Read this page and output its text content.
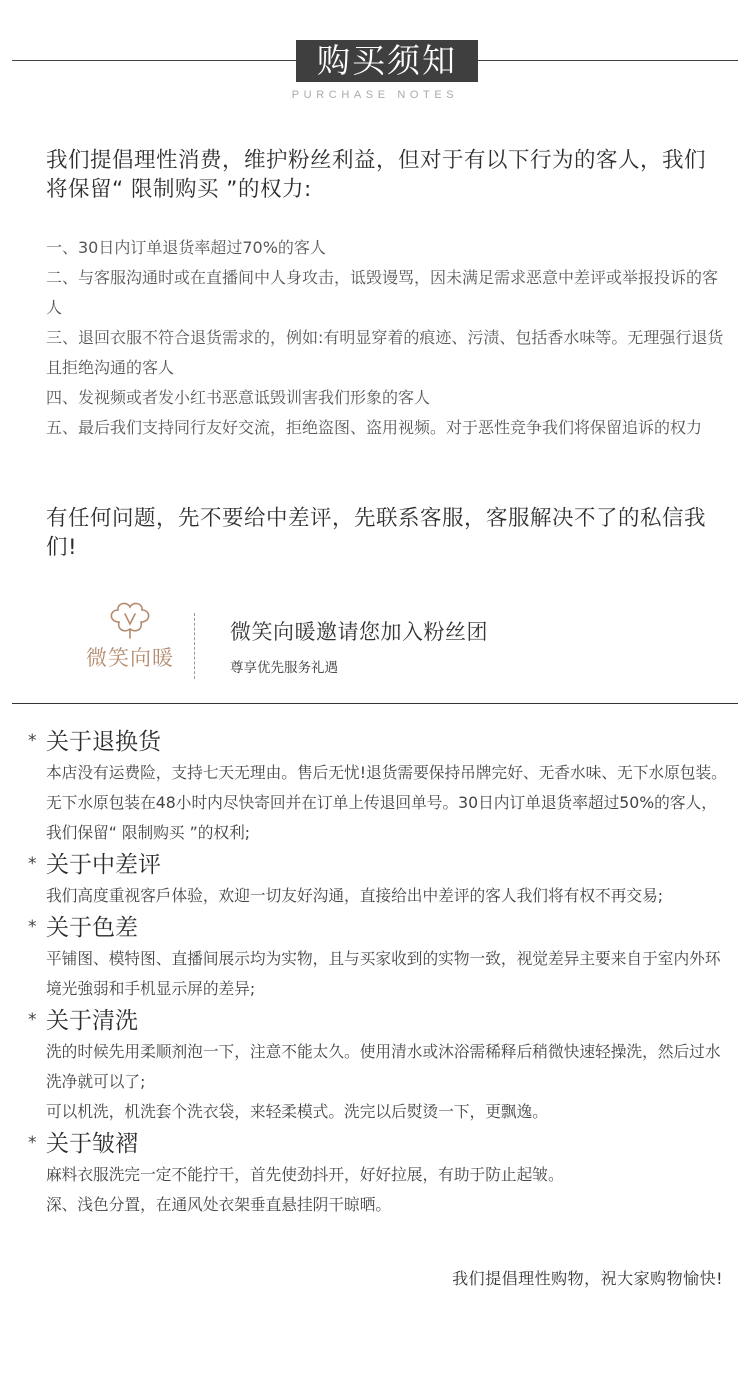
购买须知
PURCHASE NOTES
我们提倡理性消费，维护粉丝利益，但对于有以下行为的客人，我们将保留“ 限制购买 ”的权力:
一、30日内订单退货率超过70%的客人
二、与客服沟通时或在直播间中人身攻击，诋毁谩骂，因未满足需求恶意中差评或举报投诉的客人
三、退回衣服不符合退货需求的，例如:有明显穿着的痕迹、污渍、包括香水味等。无理强行退货且拒绝沟通的客人
四、发视频或者发小红书恶意诋毁训害我们形象的客人
五、最后我们支持同行友好交流，拒绝盗图、盗用视频。对于恶性竞争我们将保留追诉的权力
有任何问题，先不要给中差评，先联系客服，客服解决不了的私信我们!
微笑向暖
微笑向暖邀请您加入粉丝团
尊享优先服务礼遇
* 关于退换货

本店没有运费险，支持七天无理由。售后无忧!退货需要保持吊牌完好、无香水味、无下水原包装。无下水原包装在48小时内尽快寄回并在订单上传退回单号。30日内订单退货率超过50%的客人，我们保留“ 限制购买 ”的权利;

* 关于中差评

我们高度重视客戶体验，欢迎一切友好沟通，直接给出中差评的客人我们将有权不再交易;

* 关于色差

平铺图、模特图、直播间展示均为实物，且与买家收到的实物一致，视觉差异主要来自于室内外环境光強弱和手机显示屏的差异;

* 关于清洗

洗的时候先用柔顺剂泡一下，注意不能太久。使用清水或沐浴需稀释后稍微快速轻操洗，然后过水洗净就可以了;

可以机洗，机洗套个洗衣袋，来轻柔模式。洗完以后熨烫一下，更飘逸。

* 关于皱褶

麻料衣服洗完一定不能拧干，首先使劲抖开，好好拉展，有助于防止起皱。

深、浅色分置，在通风处衣架垂直悬挂阴干晾晒。

我们提倡理性购物，祝大家购物愉快!
